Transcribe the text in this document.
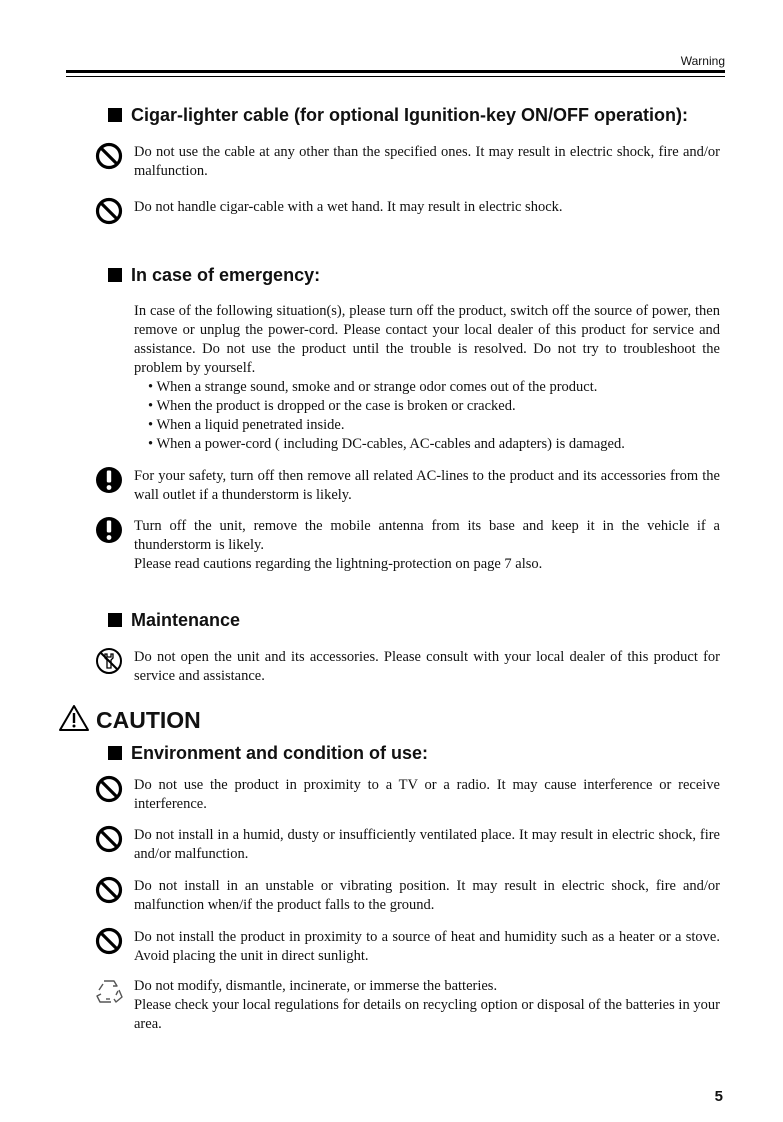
Warning
Cigar-lighter cable (for optional Igunition-key ON/OFF operation):

Do not use the cable at any other than the specified ones. It may result in electric shock, fire and/or malfunction.

Do not handle cigar-cable with a wet hand. It may result in electric shock.

In case of emergency:

In case of the following situation(s), please turn off the product, switch off the source of power, then remove or unplug the power-cord. Please contact your local dealer of this product for service and assistance. Do not use the product until the trouble is resolved. Do not try to troubleshoot the problem by yourself.

• When a strange sound, smoke and or strange odor comes out of the product.
• When the product is dropped or the case is broken or cracked.
• When a liquid penetrated inside.
• When a power-cord ( including DC-cables, AC-cables and adapters) is damaged.

For your safety, turn off then remove all related AC-lines to the product and its accessories from the wall outlet if a thunderstorm is likely.

Turn off the unit, remove the mobile antenna from its base and keep it in the vehicle if a thunderstorm is likely.

Please read cautions regarding the lightning-protection on page 7 also.

Maintenance

Do not open the unit and its accessories. Please consult with your local dealer of this product for service and assistance.

CAUTION
Environment and condition of use:

Do not use the product in proximity to a TV or a radio. It may cause interference or receive interference.

Do not install in a humid, dusty or insufficiently ventilated place. It may result in electric shock, fire and/or malfunction.

Do not install in an unstable or vibrating position. It may result in electric shock, fire and/or malfunction when/if the product falls to the ground.

Do not install the product in proximity to a source of heat and humidity such as a heater or a stove. Avoid placing the unit in direct sunlight.

Do not modify, dismantle, incinerate, or immerse the batteries.

Please check your local regulations for details on recycling option or disposal of the batteries in your area.

5
